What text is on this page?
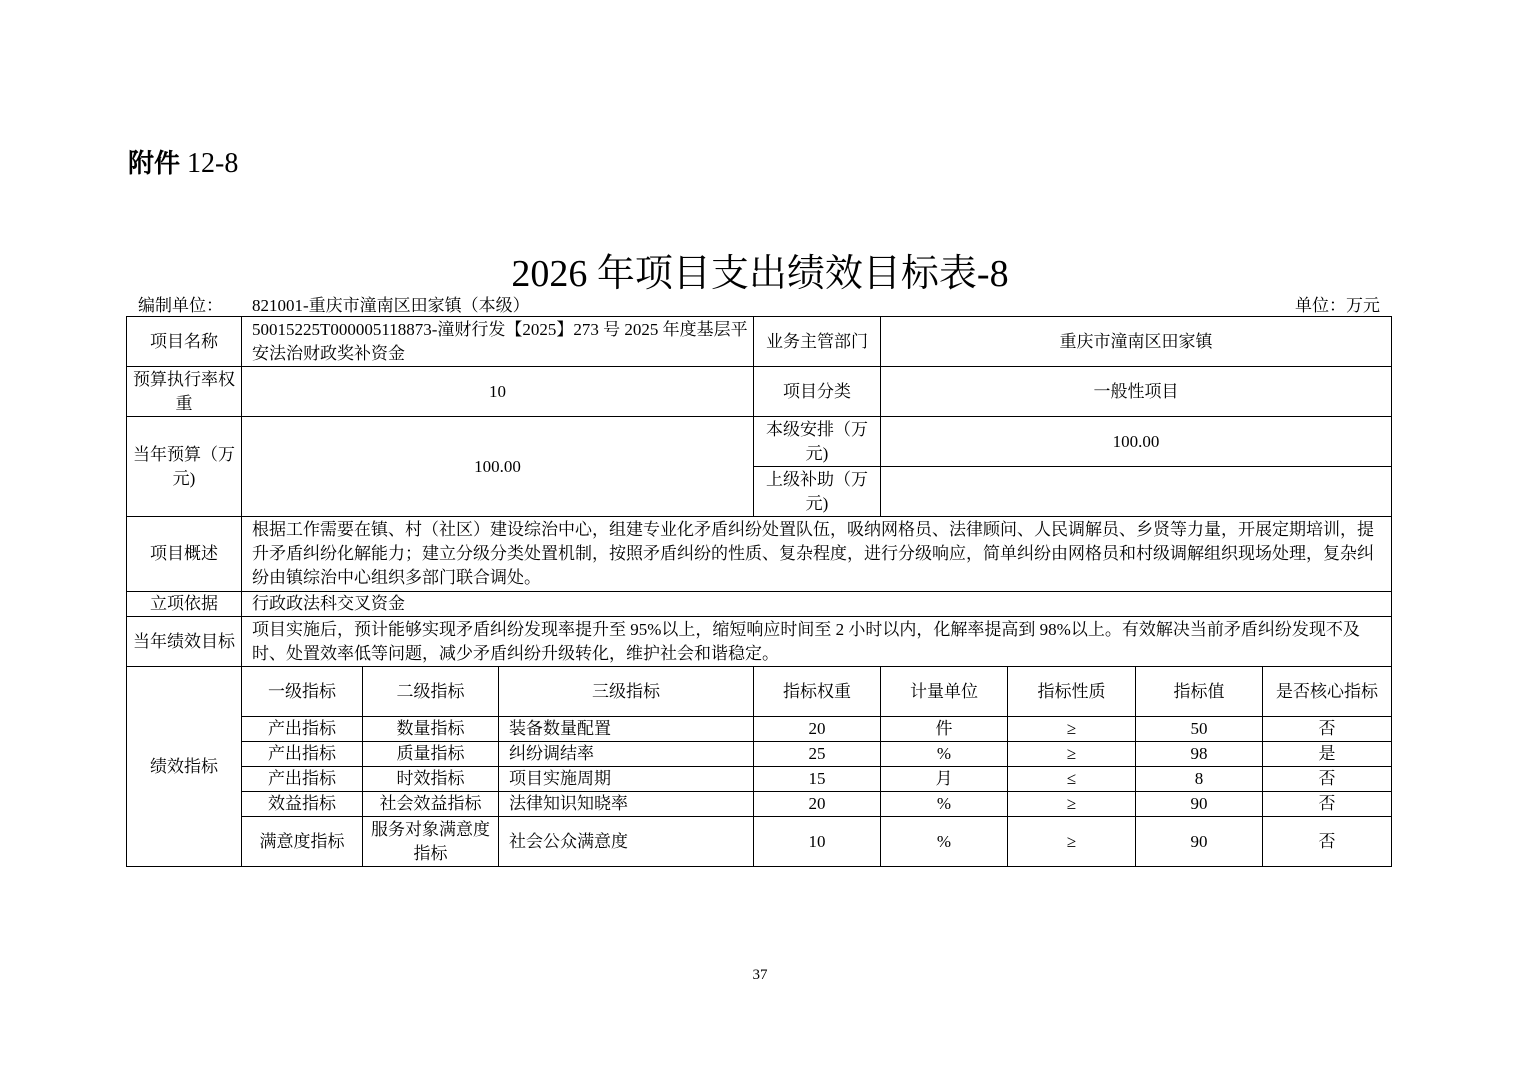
附件 12-8
2026 年项目支出绩效目标表-8
编制单位： 821001-重庆市潼南区田家镇（本级）	单位：万元
项目名称	50015225T000005118873-潼财行发【2025】273 号 2025 年度基层平安法治财政奖补资金			业务主管部门	重庆市潼南区田家镇			
预算执行率权重	10			项目分类	一般性项目			
当年预算（万元)	100.00			本级安排（万元)	100.00			
				上级补助（万元)				
项目概述	根据工作需要在镇、村（社区）建设综治中心，组建专业化矛盾纠纷处置队伍，吸纳网格员、法律顾问、人民调解员、乡贤等力量，开展定期培训，提升矛盾纠纷化解能力；建立分级分类处置机制，按照矛盾纠纷的性质、复杂程度，进行分级响应，简单纠纷由网格员和村级调解组织现场处理，复杂纠纷由镇综治中心组织多部门联合调处。							
立项依据	行政政法科交叉资金							
当年绩效目标	项目实施后，预计能够实现矛盾纠纷发现率提升至 95%以上，缩短响应时间至 2 小时以内，化解率提高到 98%以上。有效解决当前矛盾纠纷发现不及时、处置效率低等问题，减少矛盾纠纷升级转化，维护社会和谐稳定。							
绩效指标	一级指标	二级指标	三级指标	指标权重	计量单位	指标性质	指标值	是否核心指标
	产出指标	数量指标	装备数量配置	20	件	≥	50	否
	产出指标	质量指标	纠纷调结率	25	%	≥	98	是
	产出指标	时效指标	项目实施周期	15	月	≤	8	否
	效益指标	社会效益指标	法律知识知晓率	20	%	≥	90	否
	满意度指标	服务对象满意度指标	社会公众满意度	10	%	≥	90	否
37
